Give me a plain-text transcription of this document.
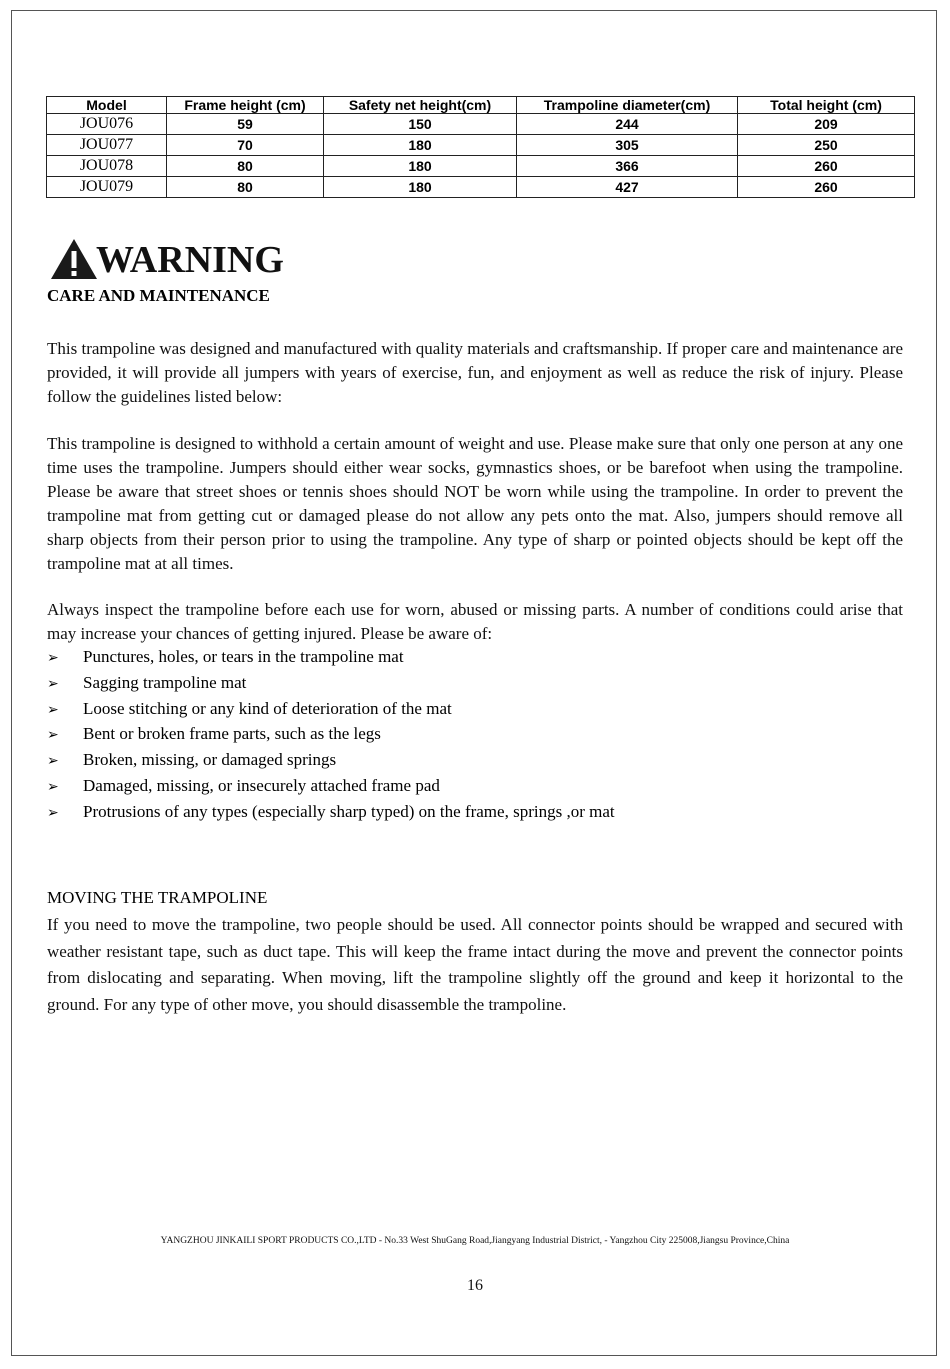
Model	Frame height (cm)	Safety net height(cm)	Trampoline diameter(cm)	Total height (cm)
JOU076	59	150	244	209
JOU077	70	180	305	250
JOU078	80	180	366	260
JOU079	80	180	427	260
WARNING
CARE AND MAINTENANCE
This trampoline was designed and manufactured with quality materials and craftsmanship. If proper care and maintenance are provided, it will provide all jumpers with years of exercise, fun, and enjoyment as well as reduce the risk of injury. Please follow the guidelines listed below:
This trampoline is designed to withhold a certain amount of weight and use. Please make sure that only one person at any one time uses the trampoline. Jumpers should either wear socks, gymnastics shoes, or be barefoot when using the trampoline. Please be aware that street shoes or tennis shoes should NOT be worn while using the trampoline. In order to prevent the trampoline mat from getting cut or damaged please do not allow any pets onto the mat. Also, jumpers should remove all sharp objects from their person prior to using the trampoline. Any type of sharp or pointed objects should be kept off the trampoline mat at all times.
Always inspect the trampoline before each use for worn, abused or missing parts. A number of conditions could arise that may increase your chances of getting injured. Please be aware of:
➢	Punctures, holes, or tears in the trampoline mat
➢	Sagging trampoline mat
➢	Loose stitching or any kind of deterioration of the mat
➢	Bent or broken frame parts, such as the legs
➢	Broken, missing, or damaged springs
➢	Damaged, missing, or insecurely attached frame pad
➢	Protrusions of any types (especially sharp typed) on the frame, springs ,or mat
MOVING THE TRAMPOLINE
If you need to move the trampoline, two people should be used. All connector points should be wrapped and secured with weather resistant tape, such as duct tape. This will keep the frame intact during the move and prevent the connector points from dislocating and separating. When moving, lift the trampoline slightly off the ground and keep it horizontal to the ground. For any type of other move, you should disassemble the trampoline.
YANGZHOU JINKAILI SPORT PRODUCTS CO.,LTD - No.33 West ShuGang Road,Jiangyang Industrial District, - Yangzhou City 225008,Jiangsu Province,China
16
